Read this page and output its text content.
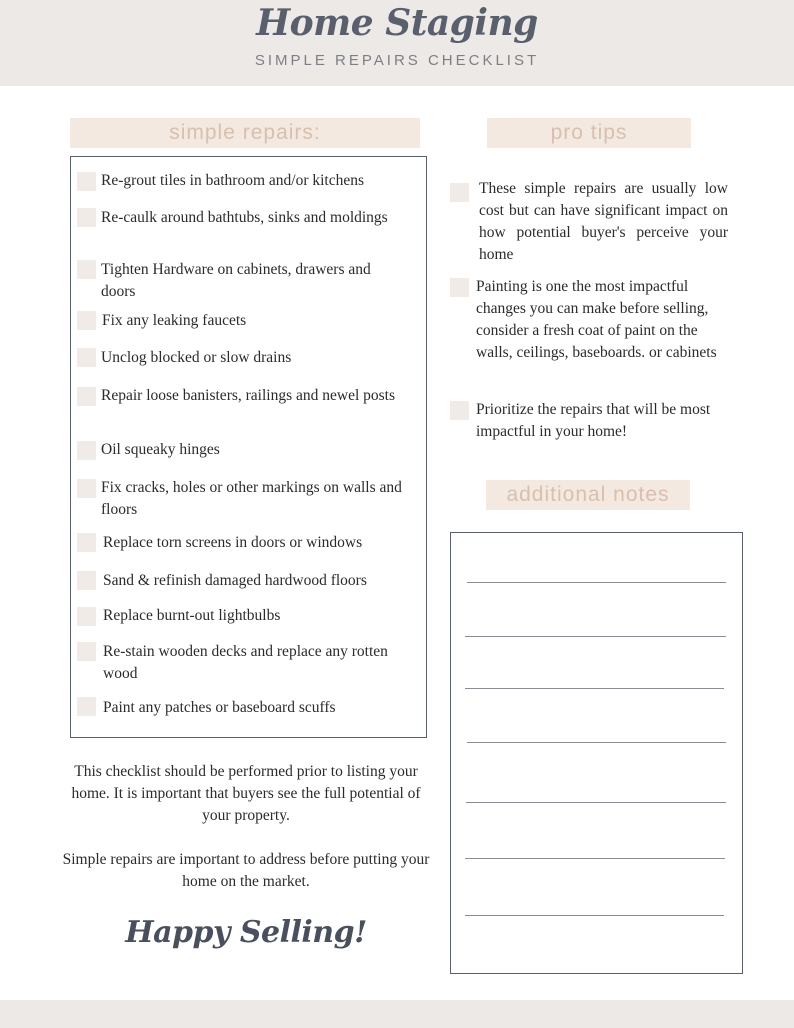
Home Staging
SIMPLE REPAIRS CHECKLIST
simple repairs:
Re-grout tiles in bathroom and/or kitchens
Re-caulk around bathtubs, sinks and moldings
Tighten Hardware on cabinets, drawers and doors
Fix any leaking faucets
Unclog blocked or slow drains
Repair loose banisters, railings and newel posts
Oil squeaky hinges
Fix cracks, holes or other markings on walls and floors
Replace torn screens in doors or windows
Sand & refinish damaged hardwood floors
Replace burnt-out lightbulbs
Re-stain wooden decks and replace any rotten wood
Paint any patches or baseboard scuffs
This checklist should be performed prior to listing your home. It is important that buyers see the full potential of your property.
Simple repairs are important to address before putting your home on the market.
Happy Selling!
pro tips
These simple repairs are usually low cost but can have significant impact on how potential buyer's perceive your home
Painting is one the most impactful changes you can make before selling, consider a fresh coat of paint on the walls, ceilings, baseboards. or cabinets
Prioritize the repairs that will be most impactful in your home!
additional notes
